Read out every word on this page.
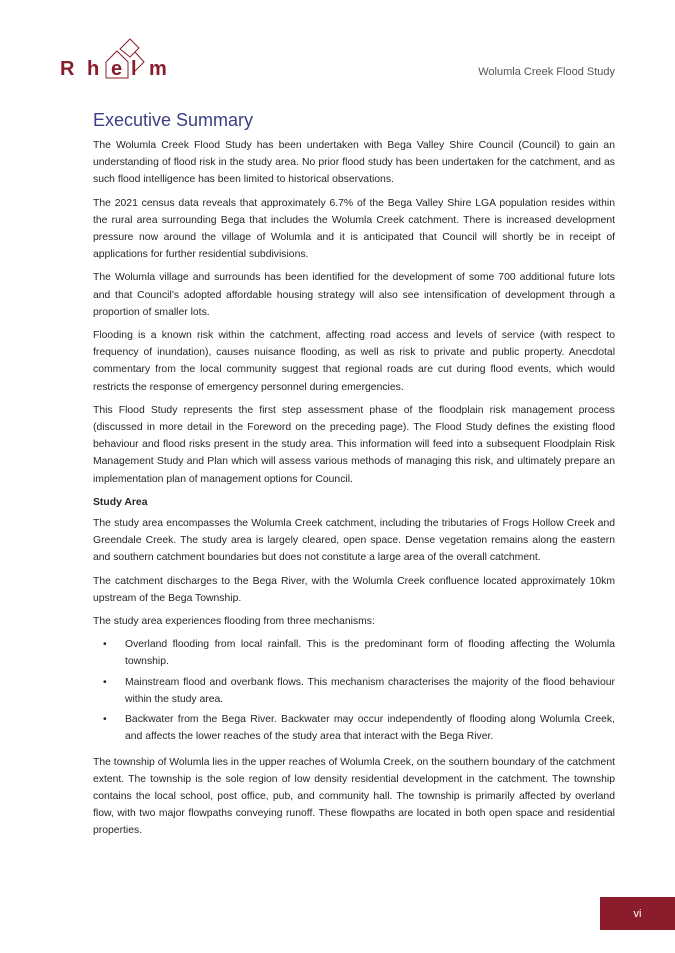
R h e l m	Wolumla Creek Flood Study
Executive Summary

The Wolumla Creek Flood Study has been undertaken with Bega Valley Shire Council (Council) to gain an understanding of flood risk in the study area. No prior flood study has been undertaken for the catchment, and as such flood intelligence has been limited to historical observations.

The 2021 census data reveals that approximately 6.7% of the Bega Valley Shire LGA population resides within the rural area surrounding Bega that includes the Wolumla Creek catchment. There is increased development pressure now around the village of Wolumla and it is anticipated that Council will shortly be in receipt of applications for further residential subdivisions.

The Wolumla village and surrounds has been identified for the development of some 700 additional future lots and that Council’s adopted affordable housing strategy will also see intensification of development through a proportion of smaller lots.

Flooding is a known risk within the catchment, affecting road access and levels of service (with respect to frequency of inundation), causes nuisance flooding, as well as risk to private and public property. Anecdotal commentary from the local community suggest that regional roads are cut during flood events, which would restricts the response of emergency personnel during emergencies.

This Flood Study represents the first step assessment phase of the floodplain risk management process (discussed in more detail in the Foreword on the preceding page). The Flood Study defines the existing flood behaviour and flood risks present in the study area. This information will feed into a subsequent Floodplain Risk Management Study and Plan which will assess various methods of managing this risk, and ultimately prepare an implementation plan of management options for Council.

Study Area

The study area encompasses the Wolumla Creek catchment, including the tributaries of Frogs Hollow Creek and Greendale Creek. The study area is largely cleared, open space. Dense vegetation remains along the eastern and southern catchment boundaries but does not constitute a large area of the overall catchment.

The catchment discharges to the Bega River, with the Wolumla Creek confluence located approximately 10km upstream of the Bega Township.

The study area experiences flooding from three mechanisms:

• Overland flooding from local rainfall. This is the predominant form of flooding affecting the Wolumla township.
• Mainstream flood and overbank flows. This mechanism characterises the majority of the flood behaviour within the study area.
• Backwater from the Bega River. Backwater may occur independently of flooding along Wolumla Creek, and affects the lower reaches of the study area that interact with the Bega River.

The township of Wolumla lies in the upper reaches of Wolumla Creek, on the southern boundary of the catchment extent. The township is the sole region of low density residential development in the catchment. The township contains the local school, post office, pub, and community hall. The township is primarily affected by overland flow, with two major flowpaths conveying runoff. These flowpaths are located in both open space and residential properties.

vi
